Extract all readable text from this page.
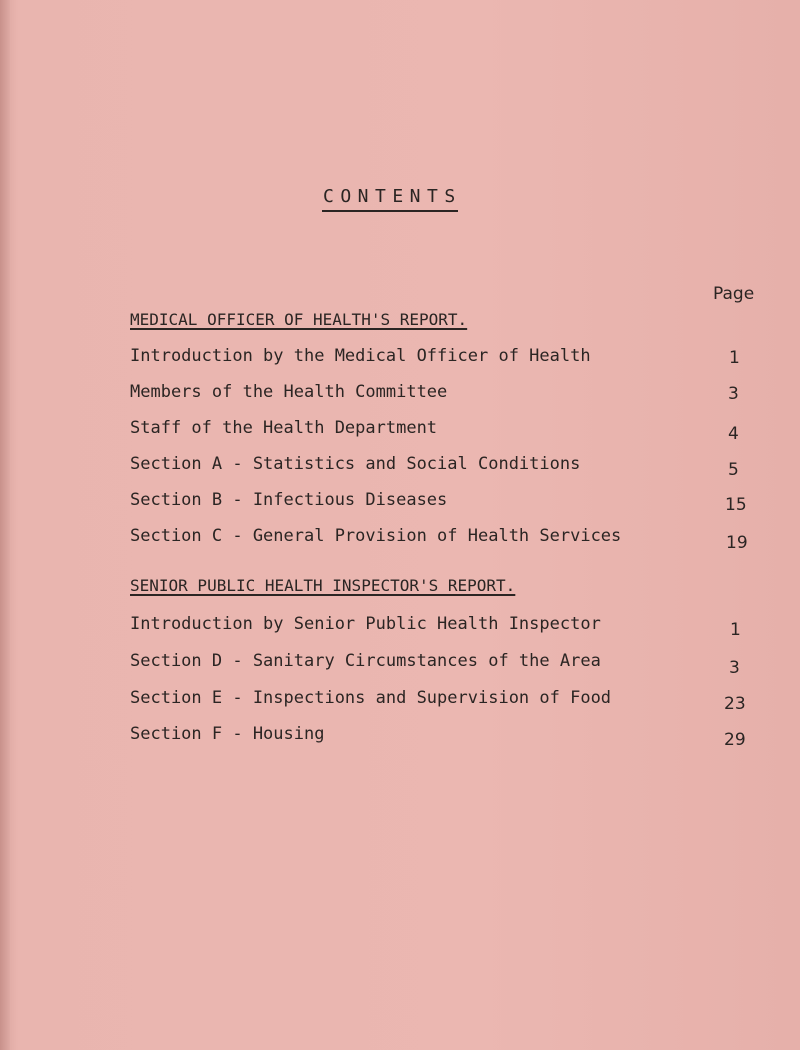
CONTENTS
Page
MEDICAL OFFICER OF HEALTH'S REPORT.
Introduction by the Medical Officer of Health	1
Members of the Health Committee	3
Staff of the Health Department	4
Section A - Statistics and Social Conditions	5
Section B - Infectious Diseases	15
Section C - General Provision of Health Services	19
SENIOR PUBLIC HEALTH INSPECTOR'S REPORT.
Introduction by Senior Public Health Inspector	1
Section D - Sanitary Circumstances of the Area	3
Section E - Inspections and Supervision of Food	23
Section F - Housing	29
